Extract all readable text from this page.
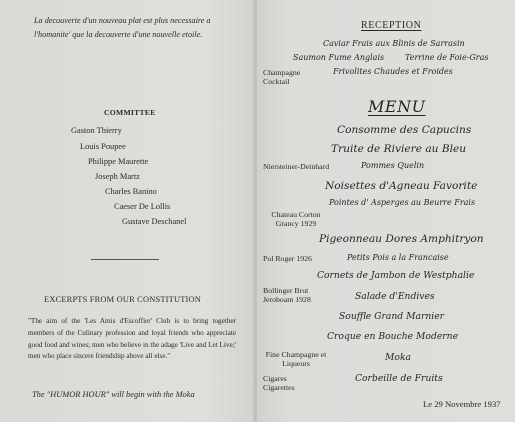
La decouverte d'un nouveau plat est plus necessaire a l'homanite' que la decouverte d'une nouvelle etoile.
COMMITTEE
Gaston Thierry
Louis Poupee
Philippe Maurette
Joseph Martz
Charles Banino
Caeser De Lollis
Gustave Deschanel
EXCERPTS FROM OUR CONSTITUTION
"The aim of the 'Les Amis d'Escoffier' Club is to bring together members of the Culinary profession and loyal friends who appreciate good food and wines; men who believe in the adage 'Live and Let Live;' men who place sincere friendship above all else."
The "HUMOR HOUR" will begin with the Moka
RECEPTION
Caviar Frais aux Blinis de Sarrasin
Saumon Fume Anglais	Terrine de Foie-Gras
Champagne Cocktail
Frivolites Chaudes et Froides
MENU
Consomme des Capucins
Truite de Riviere au Bleu
Niersteiner-Deinhard	Pommes Quelin
Noisettes d'Agneau Favorite
Pointes d' Asperges au Beurre Frais
Chateau Corton Grancy 1929
Pigeonneau Dores Amphitryon
Pol Roger 1926	Petits Pois a la Francaise
Cornets de Jambon de Westphalie
Bollinger Brut Jeroboam 1928	Salade d'Endives
Souffle Grand Marnier
Croque en Bouche Moderne
Fine Champagne et Liqueurs
Moka
Cigares Cigarettes
Corbeille de Fruits
Le 29 Novembre 1937
